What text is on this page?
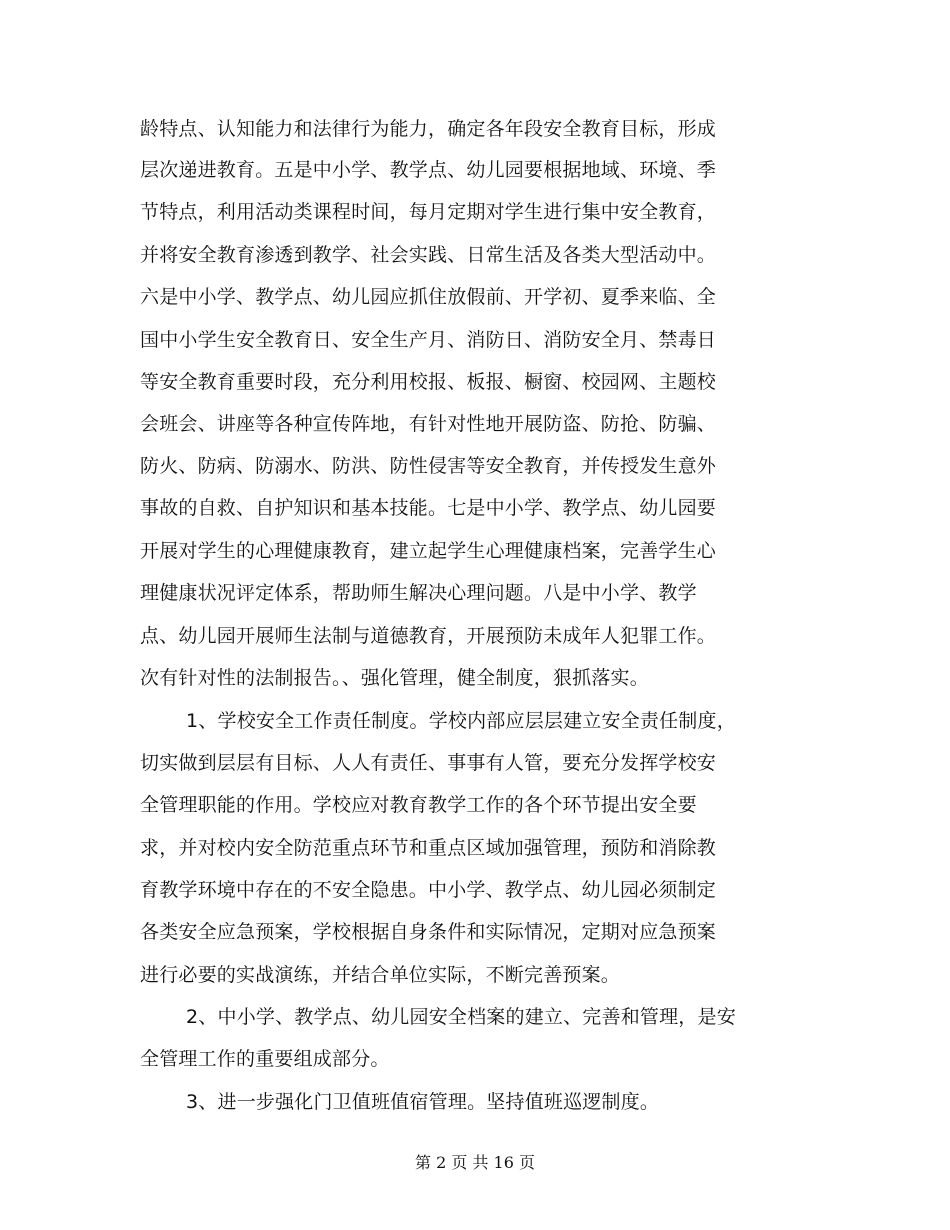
龄特点、认知能力和法律行为能力，确定各年段安全教育目标，形成
层次递进教育。五是中小学、教学点、幼儿园要根据地域、环境、季
节特点，利用活动类课程时间，每月定期对学生进行集中安全教育，
并将安全教育渗透到教学、社会实践、日常生活及各类大型活动中。
六是中小学、教学点、幼儿园应抓住放假前、开学初、夏季来临、全
国中小学生安全教育日、安全生产月、消防日、消防安全月、禁毒日
等安全教育重要时段，充分利用校报、板报、橱窗、校园网、主题校
会班会、讲座等各种宣传阵地，有针对性地开展防盗、防抢、防骗、
防火、防病、防溺水、防洪、防性侵害等安全教育，并传授发生意外
事故的自救、自护知识和基本技能。七是中小学、教学点、幼儿园要
开展对学生的心理健康教育，建立起学生心理健康档案，完善学生心
理健康状况评定体系，帮助师生解决心理问题。八是中小学、教学
点、幼儿园开展师生法制与道德教育，开展预防未成年人犯罪工作。
次有针对性的法制报告。、强化管理，健全制度，狠抓落实。
1、学校安全工作责任制度。学校内部应层层建立安全责任制度，
切实做到层层有目标、人人有责任、事事有人管，要充分发挥学校安
全管理职能的作用。学校应对教育教学工作的各个环节提出安全要
求，并对校内安全防范重点环节和重点区域加强管理，预防和消除教
育教学环境中存在的不安全隐患。中小学、教学点、幼儿园必须制定
各类安全应急预案，学校根据自身条件和实际情况，定期对应急预案
进行必要的实战演练，并结合单位实际，不断完善预案。
2、中小学、教学点、幼儿园安全档案的建立、完善和管理，是安
全管理工作的重要组成部分。
3、进一步强化门卫值班值宿管理。坚持值班巡逻制度。
第 2 页 共 16 页
